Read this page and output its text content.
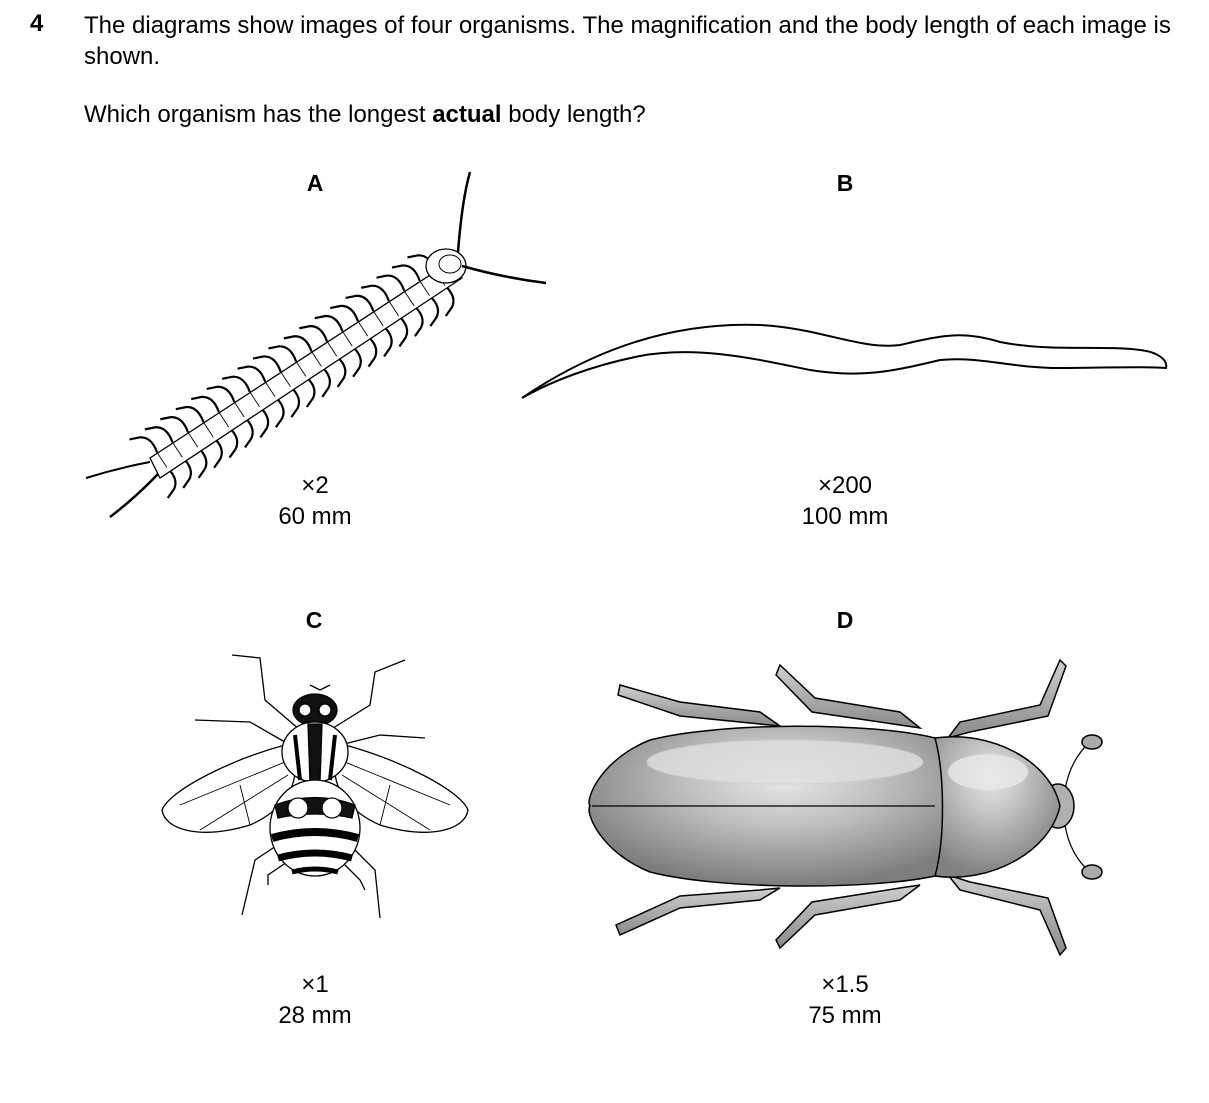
4 The diagrams show images of four organisms. The magnification and the body length of each image is shown.
Which organism has the longest actual body length?
A	B
C	D
×2
60 mm
×200
100 mm
×1
28 mm
×1.5
75 mm
